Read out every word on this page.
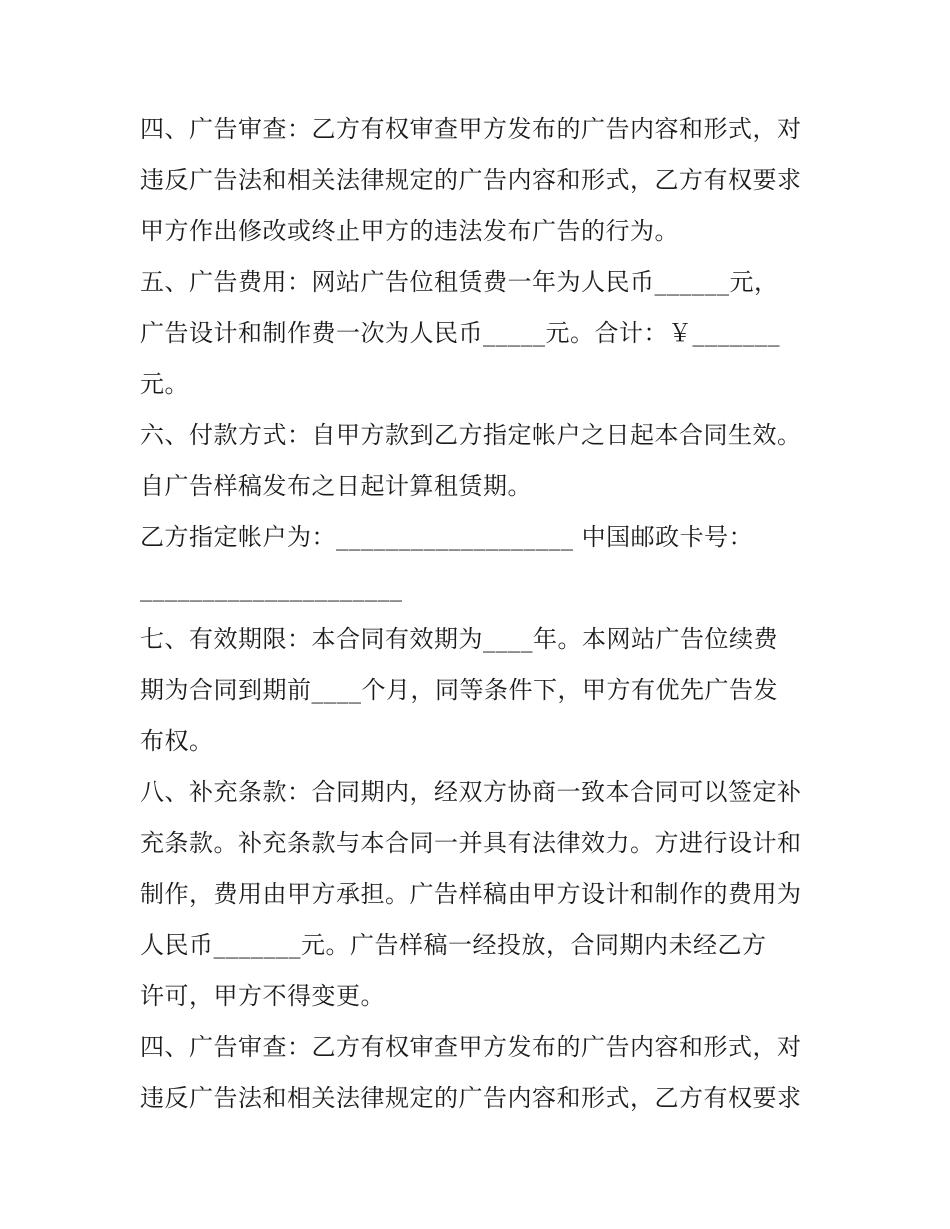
四、广告审查：乙方有权审查甲方发布的广告内容和形式，对
违反广告法和相关法律规定的广告内容和形式，乙方有权要求
甲方作出修改或终止甲方的违法发布广告的行为。
五、广告费用：网站广告位租赁费一年为人民币______元，
广告设计和制作费一次为人民币_____元。合计：￥_______
元。
六、付款方式：自甲方款到乙方指定帐户之日起本合同生效。
自广告样稿发布之日起计算租赁期。
乙方指定帐户为：___________________ 中国邮政卡号：
_____________________
七、有效期限：本合同有效期为____年。本网站广告位续费
期为合同到期前____个月，同等条件下，甲方有优先广告发
布权。
八、补充条款：合同期内，经双方协商一致本合同可以签定补
充条款。补充条款与本合同一并具有法律效力。方进行设计和
制作，费用由甲方承担。广告样稿由甲方设计和制作的费用为
人民币_______元。广告样稿一经投放，合同期内未经乙方
许可，甲方不得变更。
四、广告审查：乙方有权审查甲方发布的广告内容和形式，对
违反广告法和相关法律规定的广告内容和形式，乙方有权要求
